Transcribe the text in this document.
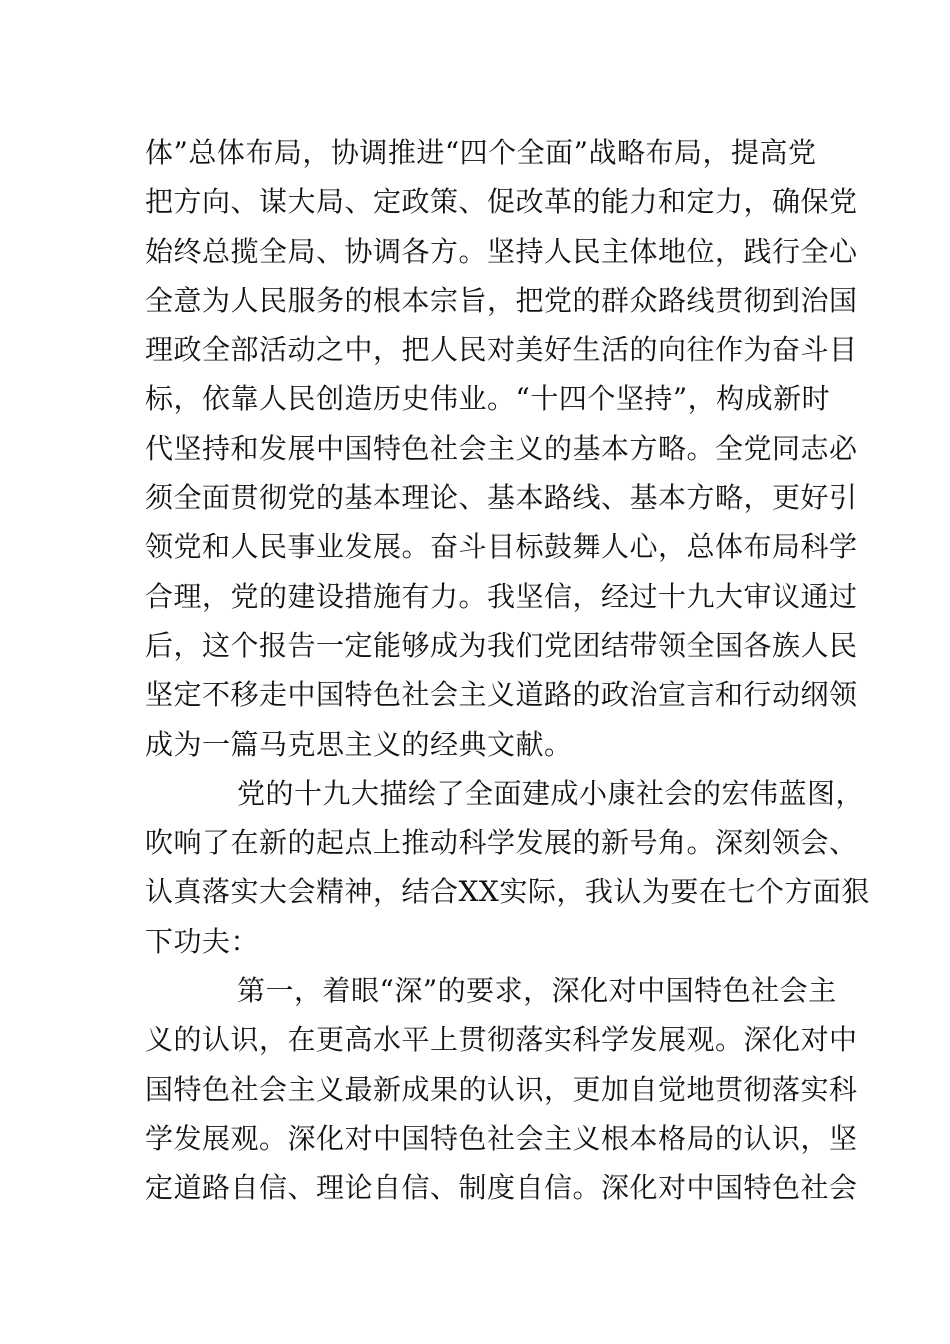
体”总体布局，协调推进“四个全面”战略布局，提高党
把方向、谋大局、定政策、促改革的能力和定力，确保党
始终总揽全局、协调各方。坚持人民主体地位，践行全心
全意为人民服务的根本宗旨，把党的群众路线贯彻到治国
理政全部活动之中，把人民对美好生活的向往作为奋斗目
标，依靠人民创造历史伟业。“十四个坚持”，构成新时
代坚持和发展中国特色社会主义的基本方略。全党同志必
须全面贯彻党的基本理论、基本路线、基本方略，更好引
领党和人民事业发展。奋斗目标鼓舞人心，总体布局科学
合理，党的建设措施有力。我坚信，经过十九大审议通过
后，这个报告一定能够成为我们党团结带领全国各族人民
坚定不移走中国特色社会主义道路的政治宣言和行动纲领
成为一篇马克思主义的经典文献。

党的十九大描绘了全面建成小康社会的宏伟蓝图，
吹响了在新的起点上推动科学发展的新号角。深刻领会、
认真落实大会精神，结合XX实际，我认为要在七个方面狠
下功夫：

第一，着眼“深”的要求，深化对中国特色社会主
义的认识，在更高水平上贯彻落实科学发展观。深化对中
国特色社会主义最新成果的认识，更加自觉地贯彻落实科
学发展观。深化对中国特色社会主义根本格局的认识，坚
定道路自信、理论自信、制度自信。深化对中国特色社会
